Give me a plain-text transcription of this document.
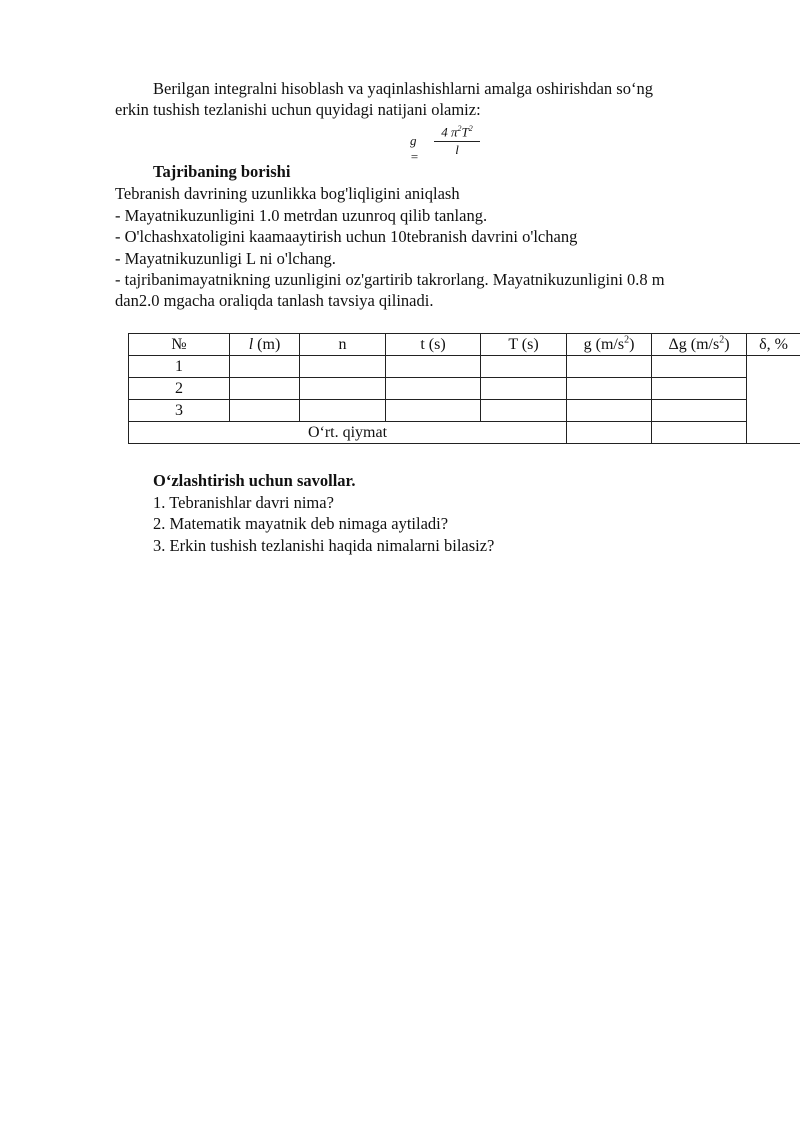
Berilgan integralni hisoblash va yaqinlashishlarni amalga oshirishdan so‘ng
erkin tushish tezlanishi uchun quyidagi natijani olamiz:
g =
4 $\pi^2T^2$
l
Tajribaning borishi
Tebranish davrining uzunlikka bog'liqligini aniqlash
- Mayatnikuzunligini 1.0 metrdan uzunroq qilib tanlang.
- O'lchashxatoligini kaamaaytirish uchun 10tebranish davrini o'lchang
- Mayatnikuzunligi L ni o'lchang.
- tajribanimayatnikning uzunligini oz'gartirib takrorlang. Mayatnikuzunligini 0.8 m
dan2.0 mgacha oraliqda tanlash tavsiya qilinadi.
№	l (m)	n	t (s)	T (s)	g $(m/s^2)$	Δg $(m/s^2)$	δ, %
1							
2							
3							
O‘rt. qiymat							
O‘zlashtirish uchun savollar.
1. Tebranishlar davri nima?
2. Matematik mayatnik deb nimaga aytiladi?
3. Erkin tushish tezlanishi haqida nimalarni bilasiz?
